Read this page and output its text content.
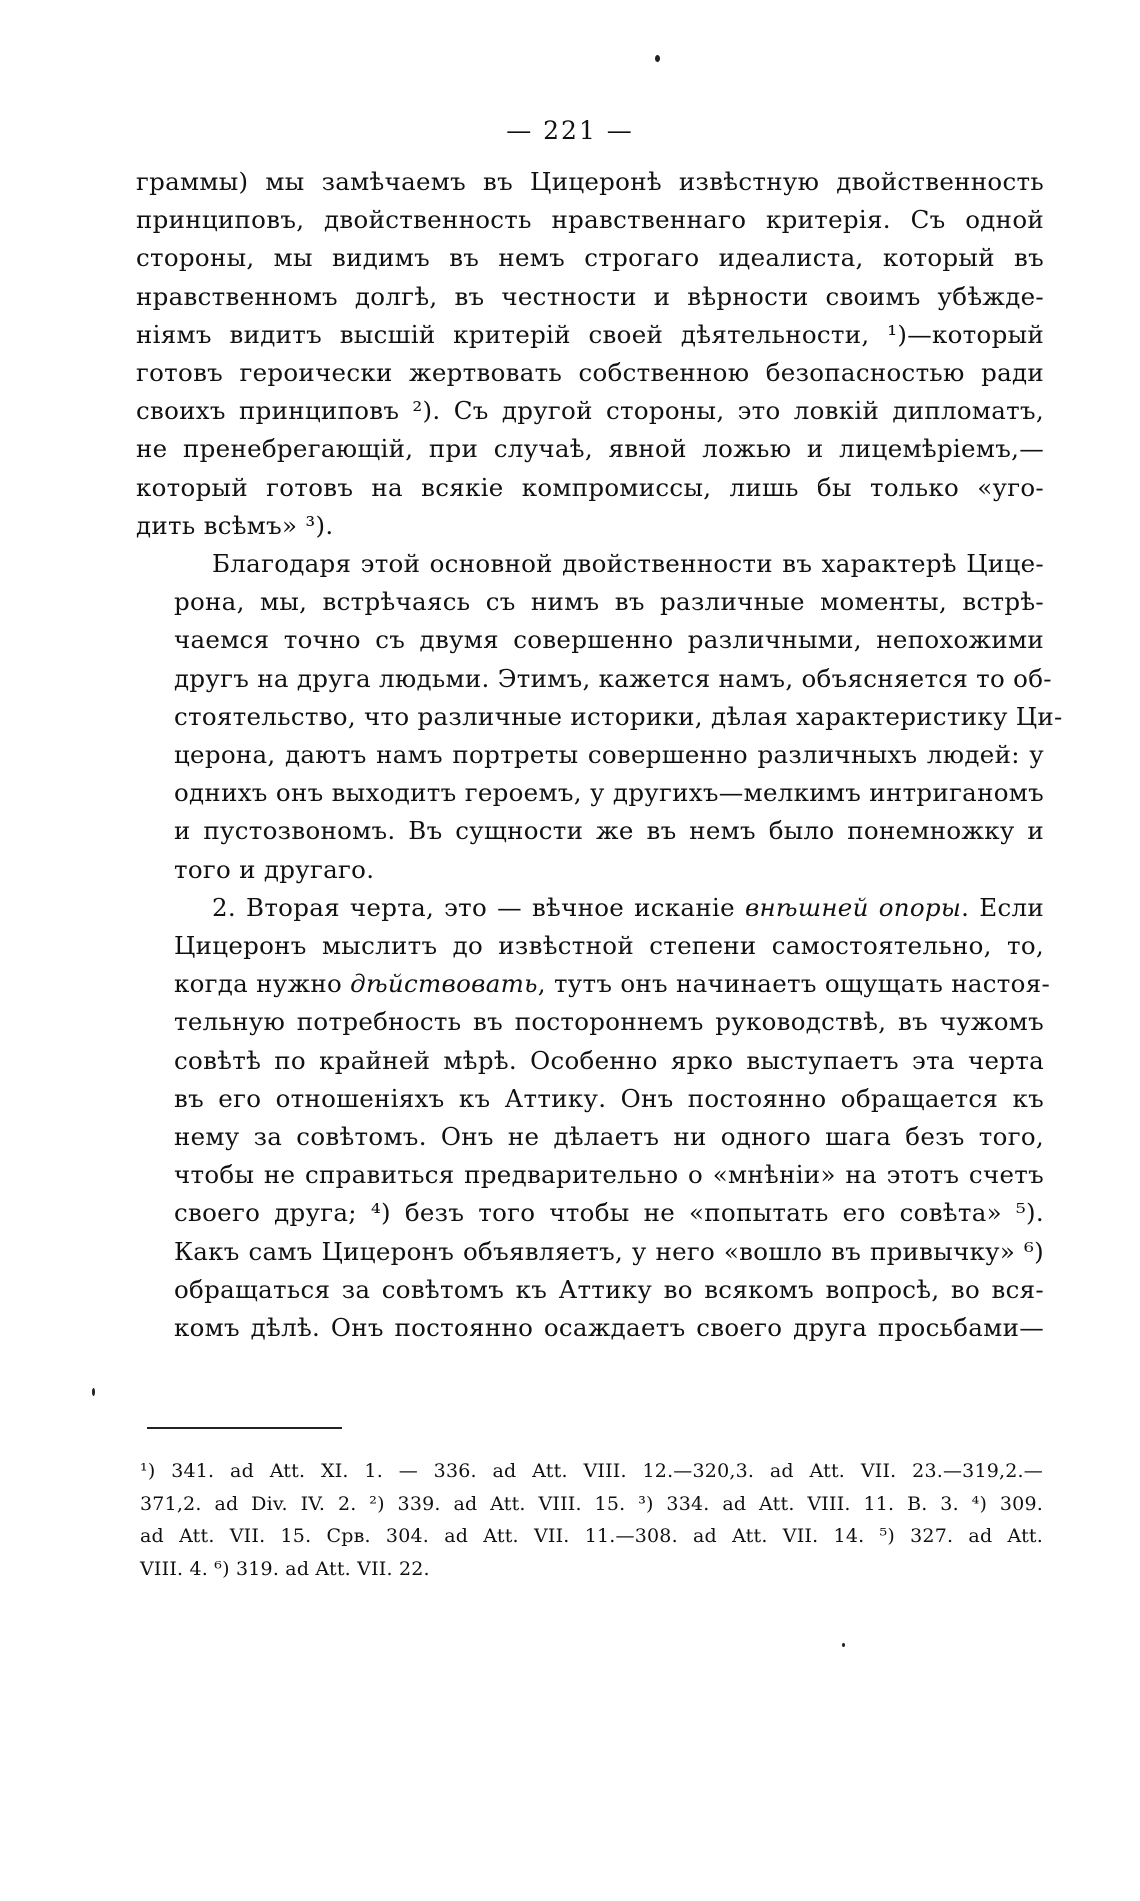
— 221 —

граммы) мы замѣчаемъ въ Цицеронѣ извѣстную двойственность
принциповъ, двойственность нравственнаго критерія. Съ одной
стороны, мы видимъ въ немъ строгаго идеалиста, который въ
нравственномъ долгѣ, въ честности и вѣрности своимъ убѣжде-
ніямъ видитъ высшій критерій своей дѣятельности, ¹)—который
готовъ героически жертвовать собственною безопасностью ради
своихъ принциповъ ²). Съ другой стороны, это ловкій дипломатъ,
не пренебрегающій, при случаѣ, явной ложью и лицемѣріемъ,—
который готовъ на всякіе компромиссы, лишь бы только «уго-
дить всѣмъ» ³).

Благодаря этой основной двойственности въ характерѣ Цице-
рона, мы, встрѣчаясь съ нимъ въ различные моменты, встрѣ-
чаемся точно съ двумя совершенно различными, непохожими
другъ на друга людьми. Этимъ, кажется намъ, объясняется то об-
стоятельство, что различные историки, дѣлая характеристику Ци-
церона, даютъ намъ портреты совершенно различныхъ людей: у
однихъ онъ выходитъ героемъ, у другихъ—мелкимъ интриганомъ
и пустозвономъ. Въ сущности же въ немъ было понемножку и
того и другаго.

2. Вторая черта, это — вѣчное исканіе внѣшней опоры. Если
Цицеронъ мыслитъ до извѣстной степени самостоятельно, то,
когда нужно дѣйствовать, тутъ онъ начинаетъ ощущать настоя-
тельную потребность въ постороннемъ руководствѣ, въ чужомъ
совѣтѣ по крайней мѣрѣ. Особенно ярко выступаетъ эта черта
въ его отношеніяхъ къ Аттику. Онъ постоянно обращается къ
нему за совѣтомъ. Онъ не дѣлаетъ ни одного шага безъ того,
чтобы не справиться предварительно о «мнѣніи» на этотъ счетъ
своего друга; ⁴) безъ того чтобы не «попытать его совѣта» ⁵).
Какъ самъ Цицеронъ объявляетъ, у него «вошло въ привычку» ⁶)
обращаться за совѣтомъ къ Аттику во всякомъ вопросѣ, во вся-
комъ дѣлѣ. Онъ постоянно осаждаетъ своего друга просьбами—

¹) 341. ad Att. XI. 1. — 336. ad Att. VIII. 12.—320,3. ad Att. VII. 23.—319,2.—
371,2. ad Div. IV. 2. ²) 339. ad Att. VIII. 15. ³) 334. ad Att. VIII. 11. B. 3. ⁴) 309.
ad Att. VII. 15. Срв. 304. ad Att. VII. 11.—308. ad Att. VII. 14. ⁵) 327. ad Att.
VIII. 4. ⁶) 319. ad Att. VII. 22.
